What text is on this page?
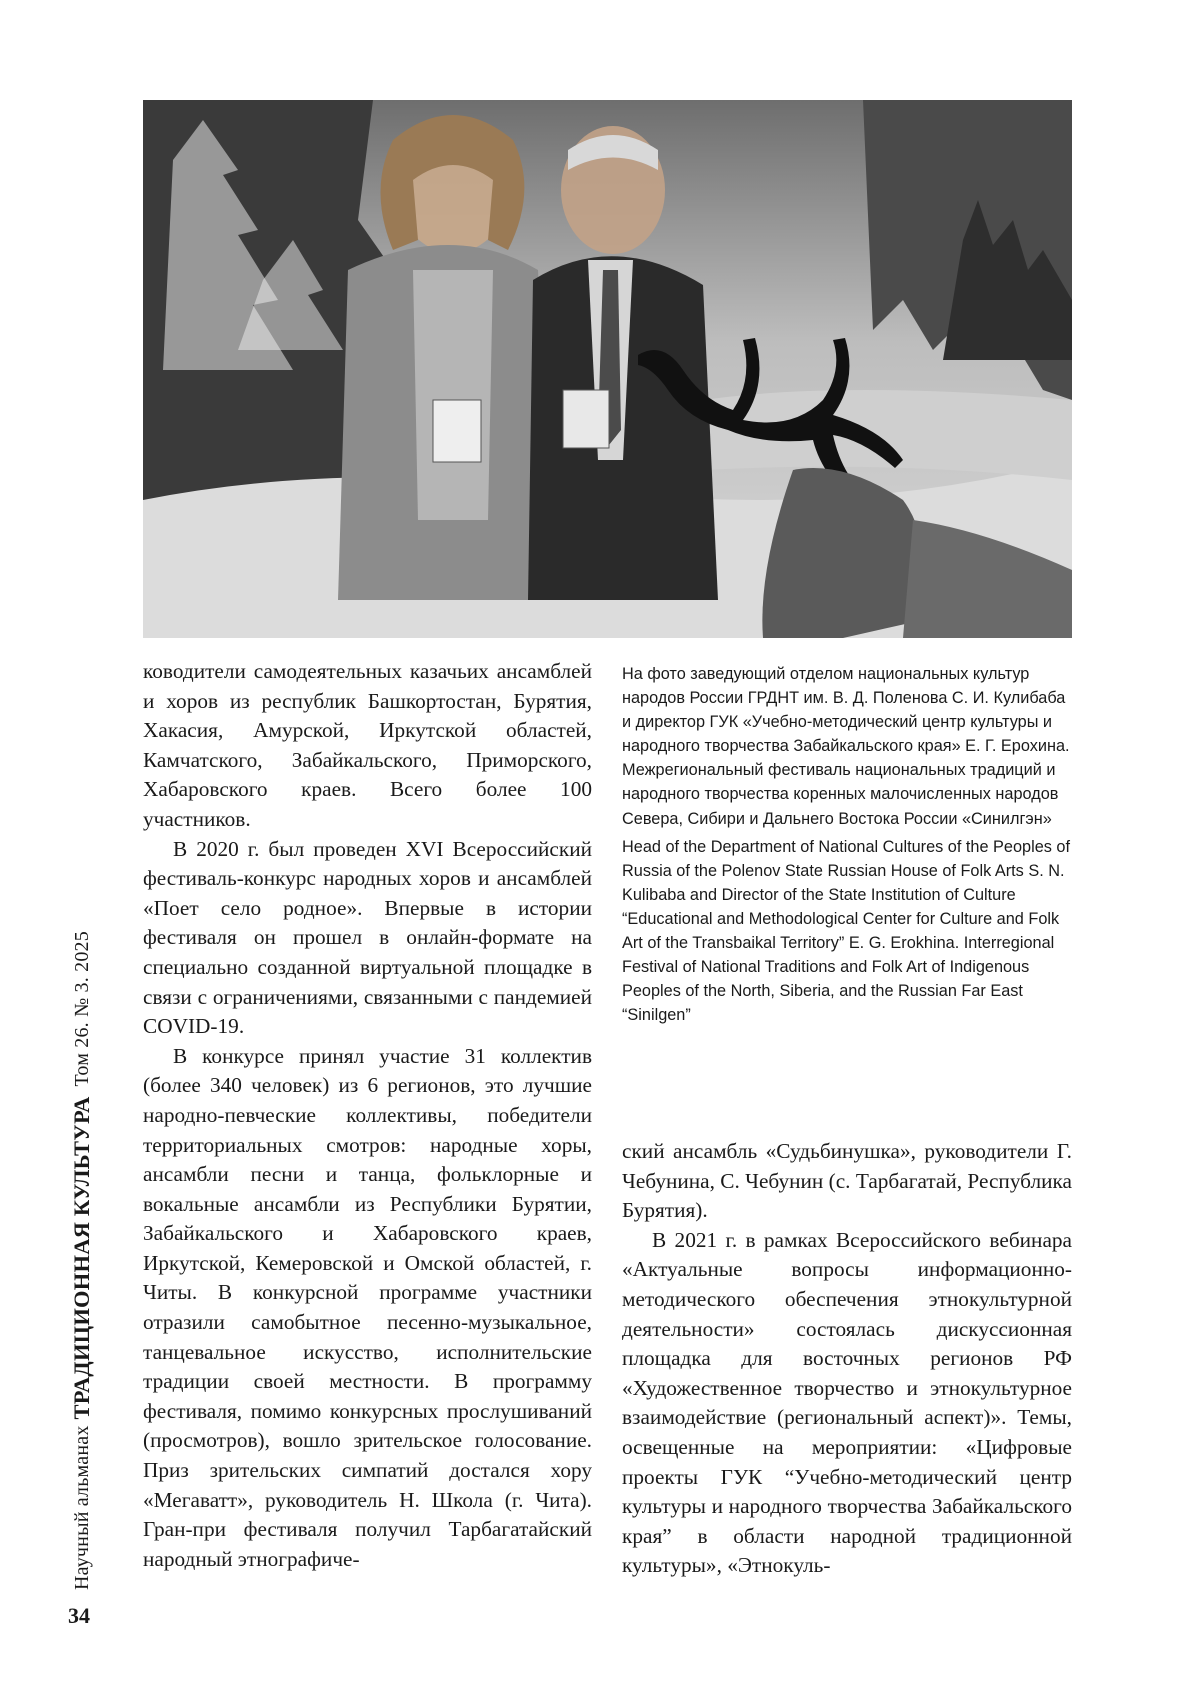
Научный альманах
ТРАДИЦИОННАЯ КУЛЬТУРА
Том 26. № 3. 2025
34

ководители самодеятельных казачьих ансамблей и хоров из республик Башкортостан, Бурятия, Хакасия, Амурской, Иркутской областей, Камчатского, Забайкальского, Приморского, Хабаровского краев. Всего более 100 участников.

В 2020 г. был проведен XVI Всероссийский фестиваль-конкурс народных хоров и ансамблей «Поет село родное». Впервые в истории фестиваля он прошел в онлайн-формате на специально созданной виртуальной площадке в связи с ограничениями, связанными с пандемией COVID-19.

В конкурсе принял участие 31 коллектив (более 340 человек) из 6 регионов, это лучшие народно-певческие коллективы, победители территориальных смотров: народные хоры, ансамбли песни и танца, фольклорные и вокальные ансамбли из Республики Бурятии, Забайкальского и Хабаровского краев, Иркутской, Кемеровской и Омской областей, г. Читы. В конкурсной программе участники отразили самобытное песенно-музыкальное, танцевальное искусство, исполнительские традиции своей местности. В программу фестиваля, помимо конкурсных прослушиваний (просмотров), вошло зрительское голосование. Приз зрительских симпатий достался хору «Мегаватт», руководитель Н. Школа (г. Чита). Гран-при фестиваля получил Тарбагатайский народный этнографиче-

На фото заведующий отделом национальных культур народов России ГРДНТ им. В. Д. Поленова С. И. Кулибаба и директор ГУК «Учебно-методический центр культуры и народного творчества Забайкальского края» Е. Г. Ерохина. Межрегиональный фестиваль национальных традиций и народного творчества коренных малочисленных народов Севера, Сибири и Дальнего Востока России «Синилгэн»

Head of the Department of National Cultures of the Peoples of Russia of the Polenov State Russian House of Folk Arts S. N. Kulibaba and Director of the State Institution of Culture “Educational and Methodological Center for Culture and Folk Art of the Transbaikal Territory” E. G. Erokhina. Interregional Festival of National Traditions and Folk Art of Indigenous Peoples of the North, Siberia, and the Russian Far East “Sinilgen”

ский ансамбль «Судьбинушка», руководители Г. Чебунина, С. Чебунин (с. Тарбагатай, Республика Бурятия).

В 2021 г. в рамках Всероссийского вебинара «Актуальные вопросы информационно-методического обеспечения этнокультурной деятельности» состоялась дискуссионная площадка для восточных регионов РФ «Художественное творчество и этнокультурное взаимодействие (региональный аспект)». Темы, освещенные на мероприятии: «Цифровые проекты ГУК “Учебно-методический центр культуры и народного творчества Забайкальского края” в области народной традиционной культуры», «Этнокуль-
